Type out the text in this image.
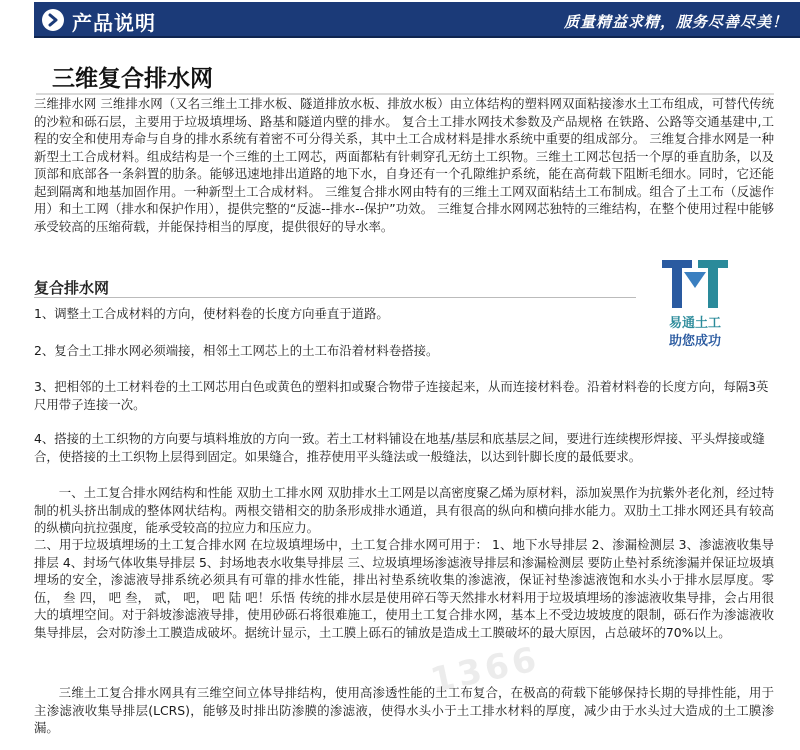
产品说明	质量精益求精，服务尽善尽美！
三维复合排水网
三维排水网 三维排水网（又名三维土工排水板、隧道排放水板、排放水板）由立体结构的塑料网双面粘接渗水土工布组成，可替代传统的沙粒和砾石层，主要用于垃圾填埋场、路基和隧道内壁的排水。 复合土工排水网技术参数及产品规格 在铁路、公路等交通基建中,工程的安全和使用寿命与自身的排水系统有着密不可分得关系，其中土工合成材料是排水系统中重要的组成部分。 三维复合排水网是一种新型土工合成材料。组成结构是一个三维的土工网芯，两面都粘有针刺穿孔无纺土工织物。三维土工网芯包括一个厚的垂直肋条，以及顶部和底部各一条斜置的肋条。能够迅速地排出道路的地下水，自身还有一个孔隙维护系统，能在高荷载下阻断毛细水。同时，它还能起到隔离和地基加固作用。一种新型土工合成材料。 三维复合排水网由特有的三维土工网双面粘结土工布制成。组合了土工布（反滤作用）和土工网（排水和保护作用），提供完整的“反滤--排水--保护”功效。 三维复合排水网网芯独特的三维结构，在整个使用过程中能够承受较高的压缩荷载，并能保持相当的厚度，提供很好的导水率。
复合排水网
易通土工
助您成功
1、调整土工合成材料的方向，使材料卷的长度方向垂直于道路。
2、复合土工排水网必须端接，相邻土工网芯上的土工布沿着材料卷搭接。
3、把相邻的土工材料卷的土工网芯用白色或黄色的塑料扣或聚合物带子连接起来，从而连接材料卷。沿着材料卷的长度方向，每隔3英尺用带子连接一次。
4、搭接的土工织物的方向要与填料堆放的方向一致。若土工材料铺设在地基/基层和底基层之间，要进行连续楔形焊接、平头焊接或缝合，使搭接的土工织物上层得到固定。如果缝合，推荐使用平头缝法或一般缝法，以达到针脚长度的最低要求。
一、土工复合排水网结构和性能 双肋土工排水网 双肋排水土工网是以高密度聚乙烯为原材料，添加炭黑作为抗紫外老化剂，经过特制的机头挤出制成的整体网状结构。两根交错相交的肋条形成排水通道，具有很高的纵向和横向排水能力。双肋土工排水网还具有较高的纵横向抗拉强度，能承受较高的拉应力和压应力。
二、用于垃圾填埋场的土工复合排水网 在垃圾填埋场中，土工复合排水网可用于： 1、地下水导排层 2、渗漏检测层 3、渗滤液收集导排层 4、封场气体收集导排层 5、封场地表水收集导排层 三、垃圾填埋场渗滤液导排层和渗漏检测层 要防止垫衬系统渗漏并保证垃圾填埋场的安全，渗滤液导排系统必须具有可靠的排水性能，排出衬垫系统收集的渗滤液，保证衬垫渗滤液饱和水头小于排水层厚度。零 伍， 叁 四， 吧 叁， 贰， 吧， 吧 陆 吧！乐悟 传统的排水层是使用碎石等天然排水材料用于垃圾填埋场的渗滤液收集导排，会占用很大的填埋空间。对于斜坡渗滤液导排，使用砂砾石将很难施工，使用土工复合排水网，基本上不受边坡坡度的限制，砾石作为渗滤液收集导排层，会对防渗土工膜造成破坏。据统计显示，土工膜上砾石的铺放是造成土工膜破坏的最大原因，占总破坏的70%以上。
三维土工复合排水网具有三维空间立体导排结构，使用高渗透性能的土工布复合，在极高的荷载下能够保持长期的导排性能，用于主渗滤液收集导排层(LCRS)，能够及时排出防渗膜的渗滤液，使得水头小于土工排水材料的厚度，减少由于水头过大造成的土工膜渗漏。
1366
